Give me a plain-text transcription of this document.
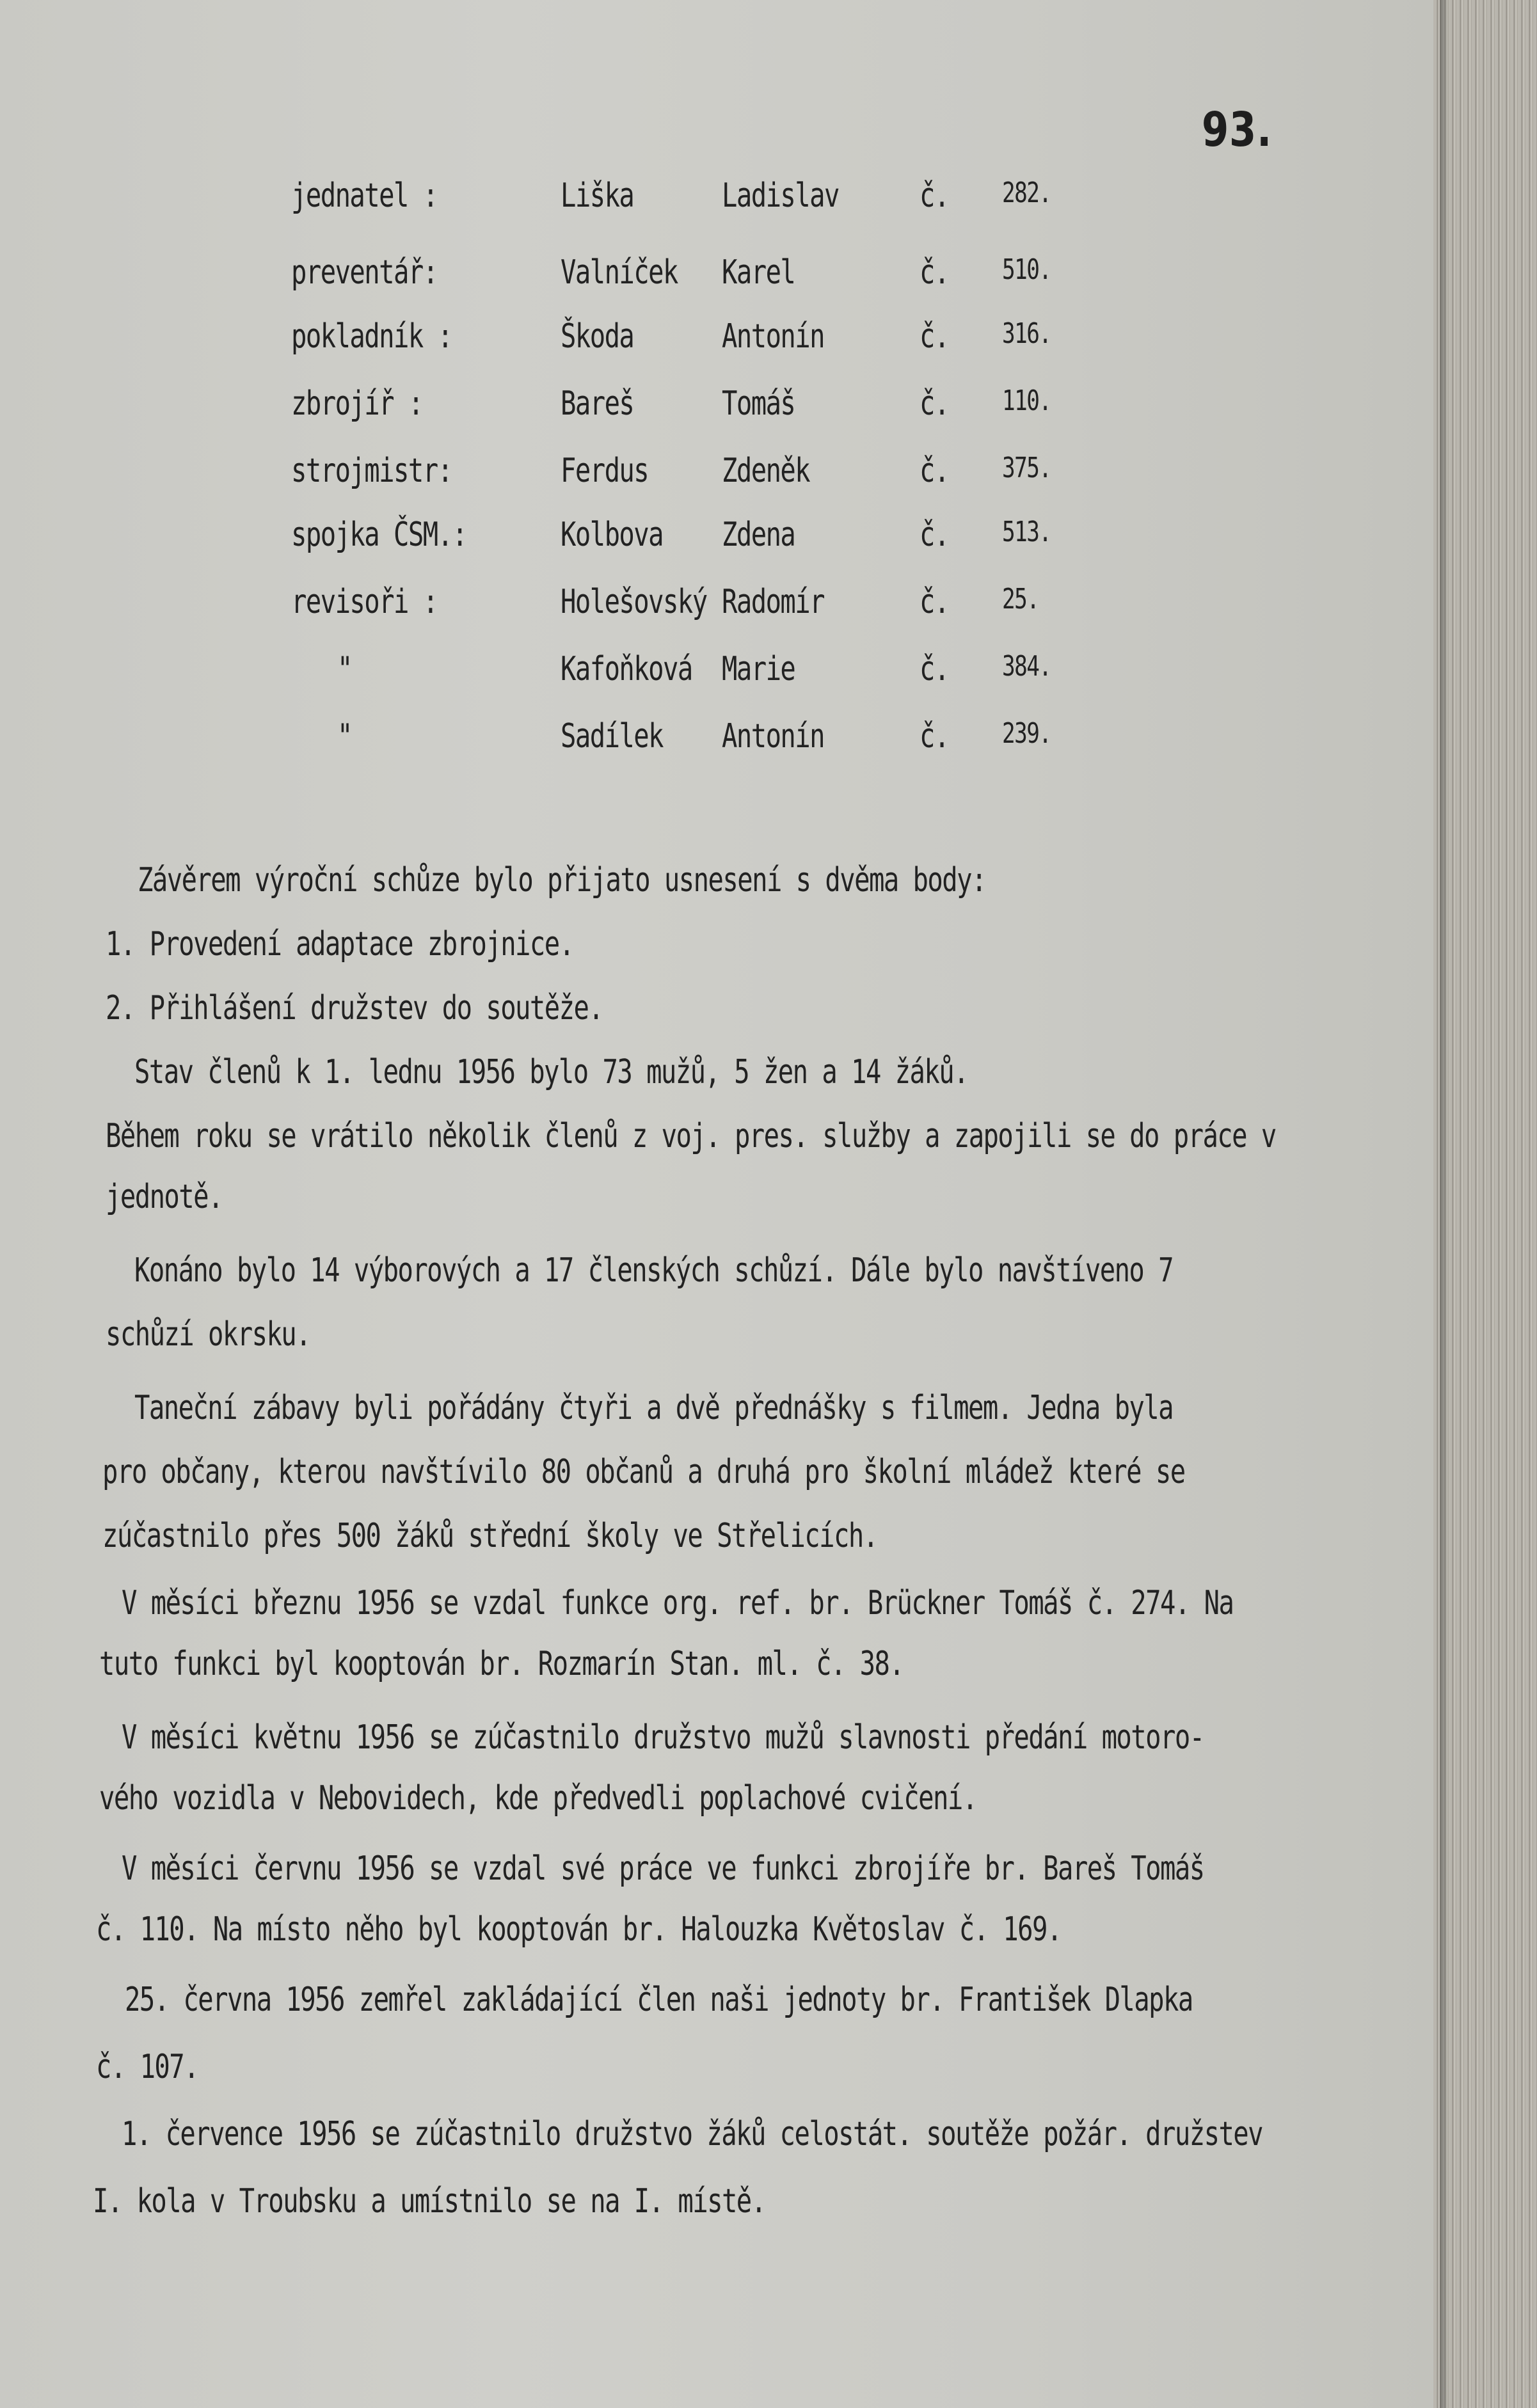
93.
jednatel :	Liška	Ladislav č. 282.
preventář:	Valníček Karel	č. 510.
pokladník :	Škoda	Antonín	č. 316.
zbrojíř :	Bareš	Tomáš	č. 110.
strojmistr:	Ferdus Zdeněk	č. 375.
spojka ČSM.:	Kolbova Zdena	č. 513.
revisoři :	Holešovský Radomír	č. 25.
"	Kafoňková Marie	č. 384.
"	Sadílek Antonín	č. 239.
Závěrem výroční schůze bylo přijato usnesení s dvěma body:
1. Provedení adaptace zbrojnice.
2. Přihlášení družstev do soutěže.
Stav členů k 1. lednu 1956 bylo 73 mužů, 5 žen a 14 žáků.
Během roku se vrátilo několik členů z voj. pres. služby a zapojili se do práce v
jednotě.
Konáno bylo 14 výborových a 17 členských schůzí. Dále bylo navštíveno 7
schůzí okrsku.
Taneční zábavy byli pořádány čtyři a dvě přednášky s filmem. Jedna byla
pro občany, kterou navštívilo 80 občanů a druhá pro školní mládež které se
zúčastnilo přes 500 žáků střední školy ve Střelicích.
V měsíci březnu 1956 se vzdal funkce org. ref. br. Brückner Tomáš č. 274. Na
tuto funkci byl kooptován br. Rozmarín Stan. ml. č. 38.
V měsíci květnu 1956 se zúčastnilo družstvo mužů slavnosti předání motoro-
vého vozidla v Nebovidech, kde předvedli poplachové cvičení.
V měsíci červnu 1956 se vzdal své práce ve funkci zbrojíře br. Bareš Tomáš
č. 110. Na místo něho byl kooptován br. Halouzka Květoslav č. 169.
25. června 1956 zemřel zakládající člen naši jednoty br. František Dlapka
č. 107.
1. července 1956 se zúčastnilo družstvo žáků celostát. soutěže požár. družstev
I. kola v Troubsku a umístnilo se na I. místě.
